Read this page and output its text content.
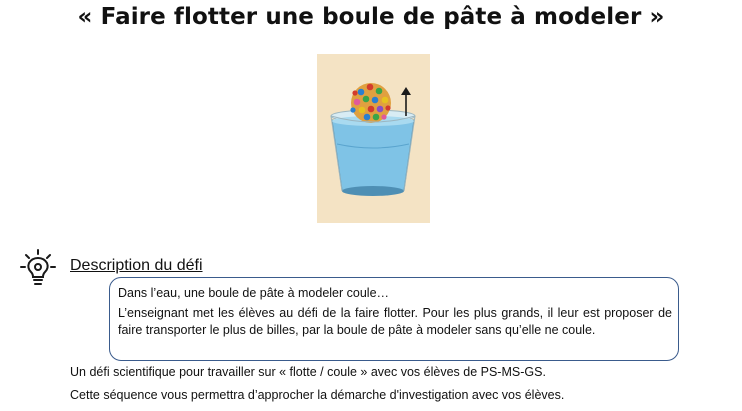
« Faire flotter une boule de pâte à modeler »
Description du défi

Dans l’eau, une boule de pâte à modeler coule…

L’enseignant met les élèves au défi de la faire flotter. Pour les plus grands, il leur est proposer de faire transporter le plus de billes, par la boule de pâte à modeler sans qu’elle ne coule.

Un défi scientifique pour travailler sur « flotte / coule » avec vos élèves de PS-MS-GS.
Cette séquence vous permettra d’approcher la démarche d'investigation avec vos élèves.
